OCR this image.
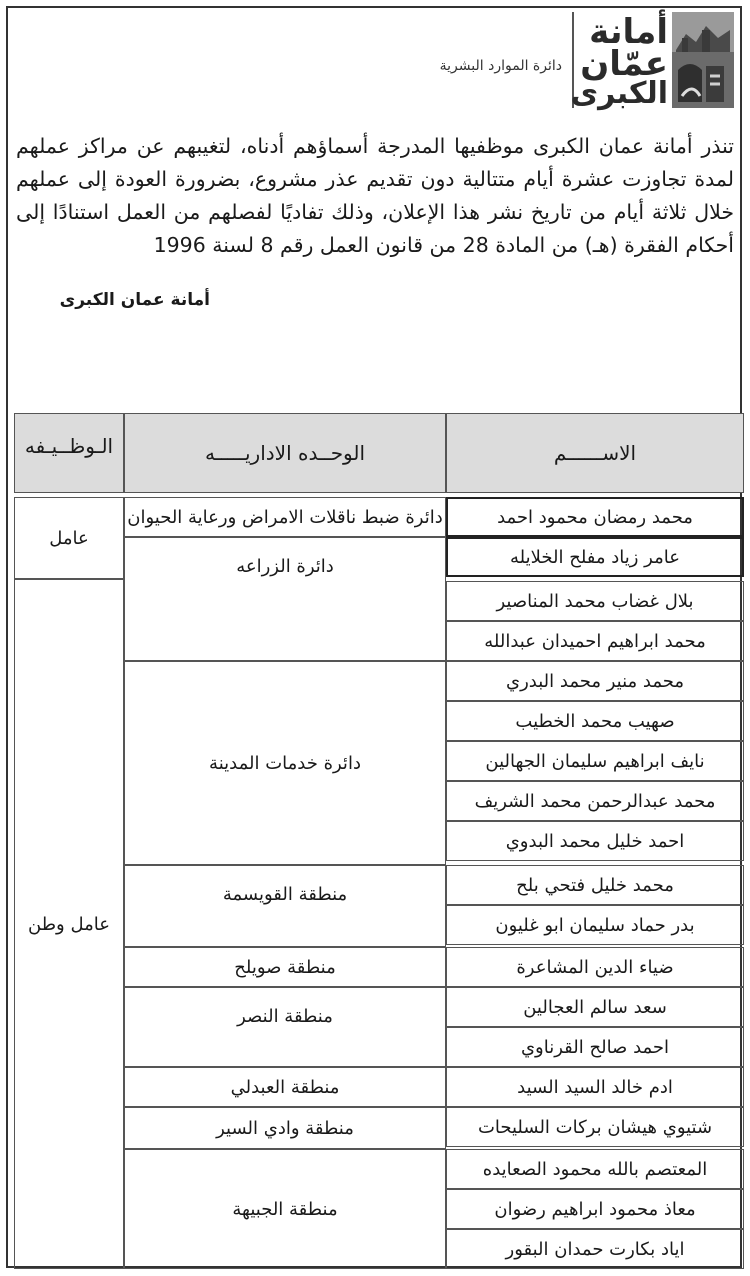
أمانة
عمّان
الكبرى
دائرة الموارد البشرية
تنذر أمانة عمان الكبرى موظفيها المدرجة أسماؤهم أدناه، لتغيبهم عن مراكز عملهم لمدة تجاوزت عشرة أيام متتالية دون تقديم عذر مشروع، بضرورة العودة إلى عملهم خلال ثلاثة أيام من تاريخ نشر هذا الإعلان، وذلك تفاديًا لفصلهم من العمل استنادًا إلى أحكام الفقرة (هـ) من المادة 28 من قانون العمل رقم 8 لسنة 1996
أمانة عمان الكبرى
الاســــــم
الوحــده الاداريـــــه
الـوظــيـفه
محمد رمضان محمود احمد
عامر زياد مفلح الخلايله
بلال غضاب محمد المناصير
محمد ابراهيم احميدان عبدالله
محمد منير محمد البدري
صهيب محمد الخطيب
نايف ابراهيم سليمان الجهالين
محمد عبدالرحمن محمد الشريف
احمد خليل محمد البدوي
محمد خليل فتحي بلح
بدر حماد سليمان ابو غليون
ضياء الدين المشاعرة
سعد سالم العجالين
احمد صالح القرناوي
ادم خالد السيد السيد
شتيوي هيشان بركات السليحات
المعتصم بالله محمود الصعايده
معاذ محمود ابراهيم رضوان
اياد بكارت حمدان البقور
دائرة ضبط ناقلات الامراض ورعاية الحيوان
دائرة الزراعه
دائرة خدمات المدينة
منطقة القويسمة
منطقة صويلح
منطقة النصر
منطقة العبدلي
منطقة وادي السير
منطقة الجبيهة
عامل
عامل وطن
